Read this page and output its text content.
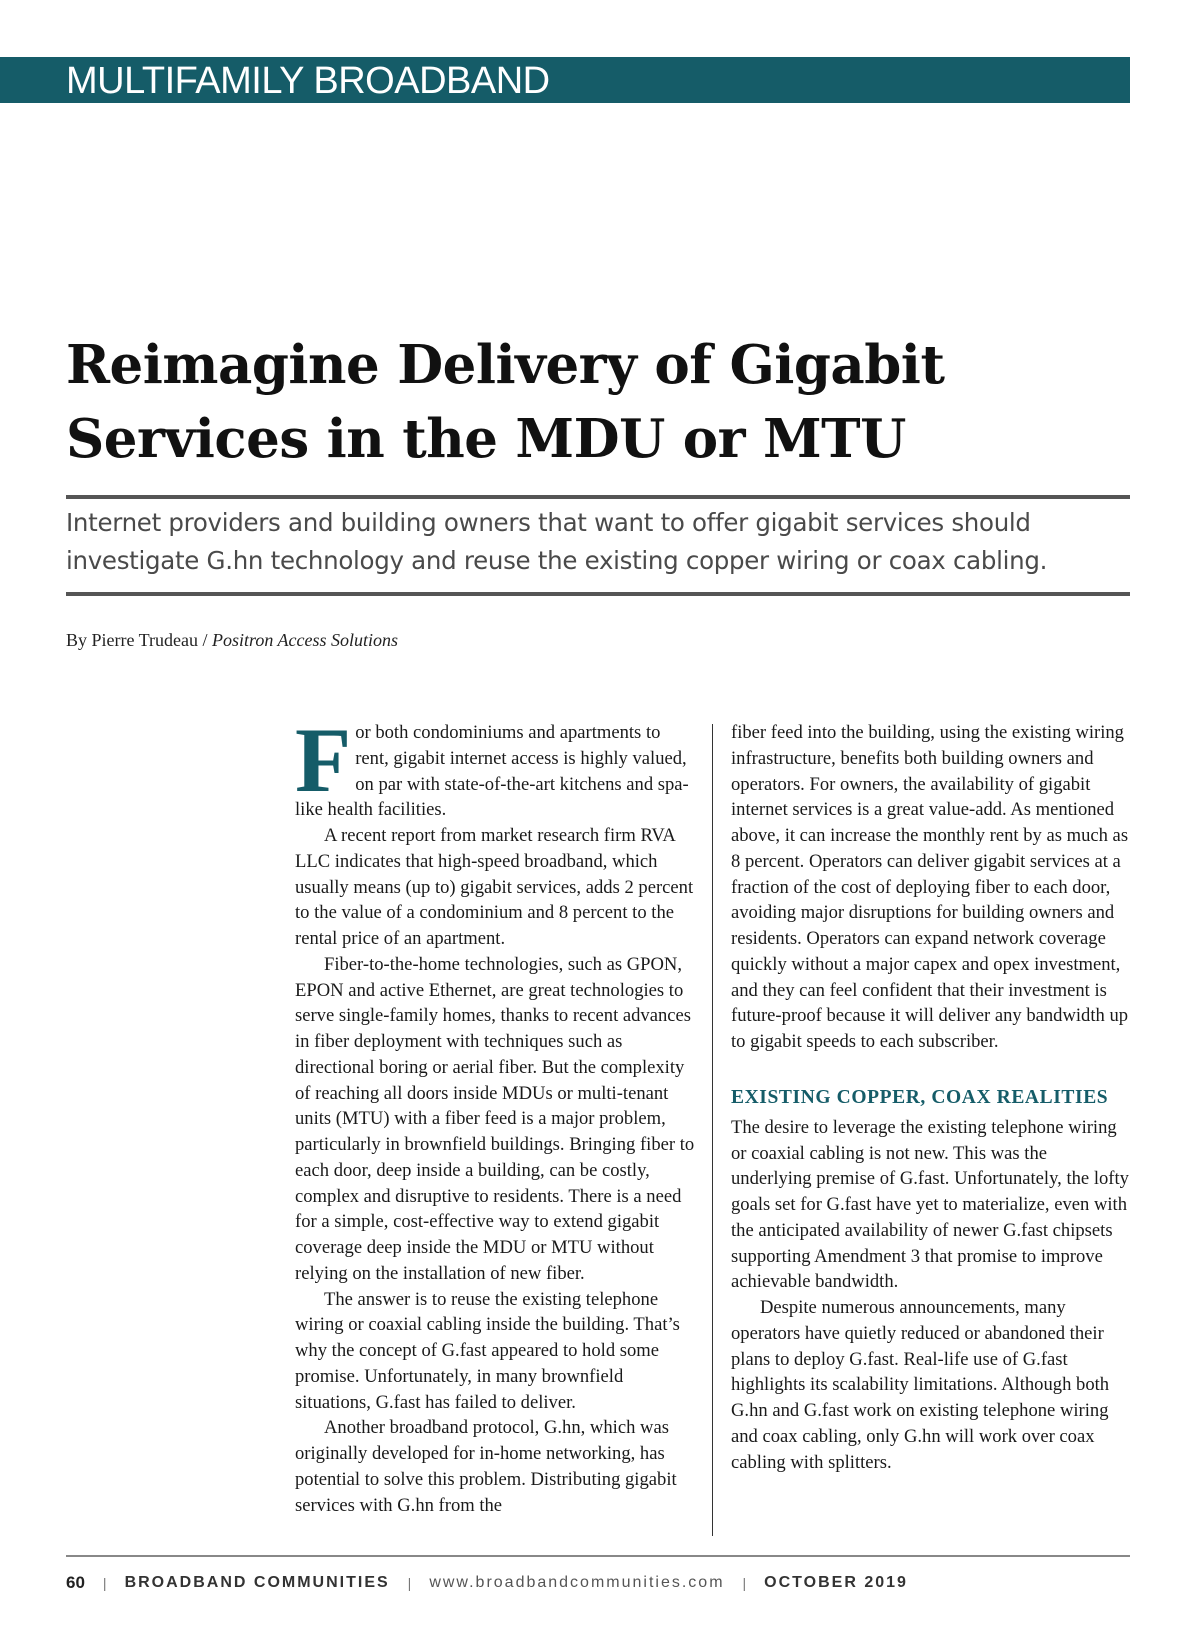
MULTIFAMILY BROADBAND
Reimagine Delivery of Gigabit Services in the MDU or MTU
Internet providers and building owners that want to offer gigabit services should investigate G.hn technology and reuse the existing copper wiring or coax cabling.
By Pierre Trudeau / Positron Access Solutions

For both condominiums and apartments to rent, gigabit internet access is highly valued, on par with state-of-the-art kitchens and spa-like health facilities.

A recent report from market research firm RVA LLC indicates that high-speed broadband, which usually means (up to) gigabit services, adds 2 percent to the value of a condominium and 8 percent to the rental price of an apartment.

Fiber-to-the-home technologies, such as GPON, EPON and active Ethernet, are great technologies to serve single-family homes, thanks to recent advances in fiber deployment with techniques such as directional boring or aerial fiber. But the complexity of reaching all doors inside MDUs or multi-tenant units (MTU) with a fiber feed is a major problem, particularly in brownfield buildings. Bringing fiber to each door, deep inside a building, can be costly, complex and disruptive to residents. There is a need for a simple, cost-effective way to extend gigabit coverage deep inside the MDU or MTU without relying on the installation of new fiber.

The answer is to reuse the existing telephone wiring or coaxial cabling inside the building. That’s why the concept of G.fast appeared to hold some promise. Unfortunately, in many brownfield situations, G.fast has failed to deliver.

Another broadband protocol, G.hn, which was originally developed for in-home networking, has potential to solve this problem. Distributing gigabit services with G.hn from the

fiber feed into the building, using the existing wiring infrastructure, benefits both building owners and operators. For owners, the availability of gigabit internet services is a great value-add. As mentioned above, it can increase the monthly rent by as much as 8 percent. Operators can deliver gigabit services at a fraction of the cost of deploying fiber to each door, avoiding major disruptions for building owners and residents. Operators can expand network coverage quickly without a major capex and opex investment, and they can feel confident that their investment is future-proof because it will deliver any bandwidth up to gigabit speeds to each subscriber.

EXISTING COPPER, COAX REALITIES

The desire to leverage the existing telephone wiring or coaxial cabling is not new. This was the underlying premise of G.fast. Unfortunately, the lofty goals set for G.fast have yet to materialize, even with the anticipated availability of newer G.fast chipsets supporting Amendment 3 that promise to improve achievable bandwidth.

Despite numerous announcements, many operators have quietly reduced or abandoned their plans to deploy G.fast. Real-life use of G.fast highlights its scalability limitations. Although both G.hn and G.fast work on existing telephone wiring and coax cabling, only G.hn will work over coax cabling with splitters.

60 | BROADBAND COMMUNITIES | www.broadbandcommunities.com | OCTOBER 2019
